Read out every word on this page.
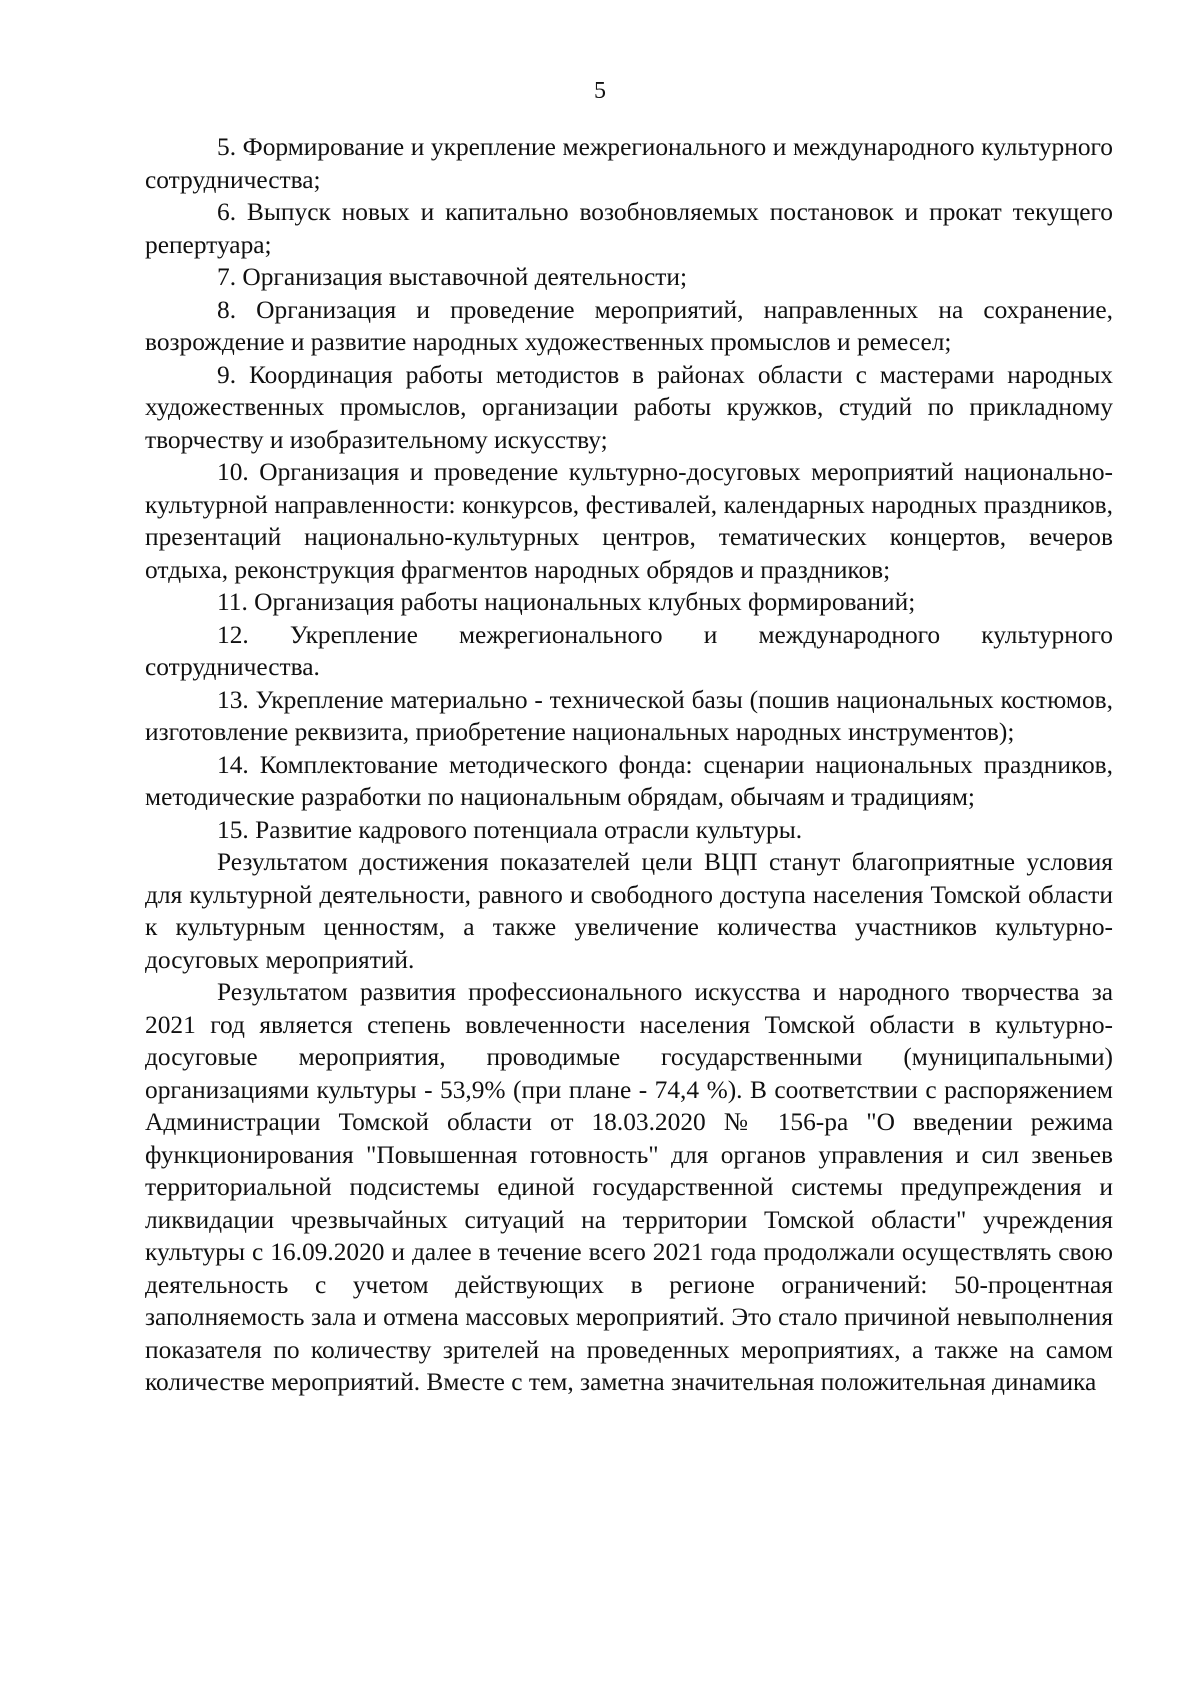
5

5. Формирование и укрепление межрегионального и международного культурного сотрудничества;

6. Выпуск новых и капитально возобновляемых постановок и прокат текущего репертуара;

7. Организация выставочной деятельности;

8. Организация и проведение мероприятий, направленных на сохранение, возрождение и развитие народных художественных промыслов и ремесел;

9. Координация работы методистов в районах области с мастерами народных художественных промыслов, организации работы кружков, студий по прикладному творчеству и изобразительному искусству;

10. Организация и проведение культурно-досуговых мероприятий национально-культурной направленности: конкурсов, фестивалей, календарных народных праздников, презентаций национально-культурных центров, тематических концертов, вечеров отдыха, реконструкция фрагментов народных обрядов и праздников;

11. Организация работы национальных клубных формирований;

12. Укрепление межрегионального и международного культурного сотрудничества.

13. Укрепление материально - технической базы (пошив национальных костюмов, изготовление реквизита, приобретение национальных народных инструментов);

14. Комплектование методического фонда: сценарии национальных праздников, методические разработки по национальным обрядам, обычаям и традициям;

15. Развитие кадрового потенциала отрасли культуры.

Результатом достижения показателей цели ВЦП станут благоприятные условия для культурной деятельности, равного и свободного доступа населения Томской области к культурным ценностям, а также увеличение количества участников культурно-досуговых мероприятий.

Результатом развития профессионального искусства и народного творчества за 2021 год является степень вовлеченности населения Томской области в культурно-досуговые мероприятия, проводимые государственными (муниципальными) организациями культуры - 53,9% (при плане - 74,4 %). В соответствии с распоряжением Администрации Томской области от 18.03.2020 № 156-ра "О введении режима функционирования "Повышенная готовность" для органов управления и сил звеньев территориальной подсистемы единой государственной системы предупреждения и ликвидации чрезвычайных ситуаций на территории Томской области" учреждения культуры с 16.09.2020 и далее в течение всего 2021 года продолжали осуществлять свою деятельность с учетом действующих в регионе ограничений: 50-процентная заполняемость зала и отмена массовых мероприятий. Это стало причиной невыполнения показателя по количеству зрителей на проведенных мероприятиях, а также на самом количестве мероприятий. Вместе с тем, заметна значительная положительная динамика
